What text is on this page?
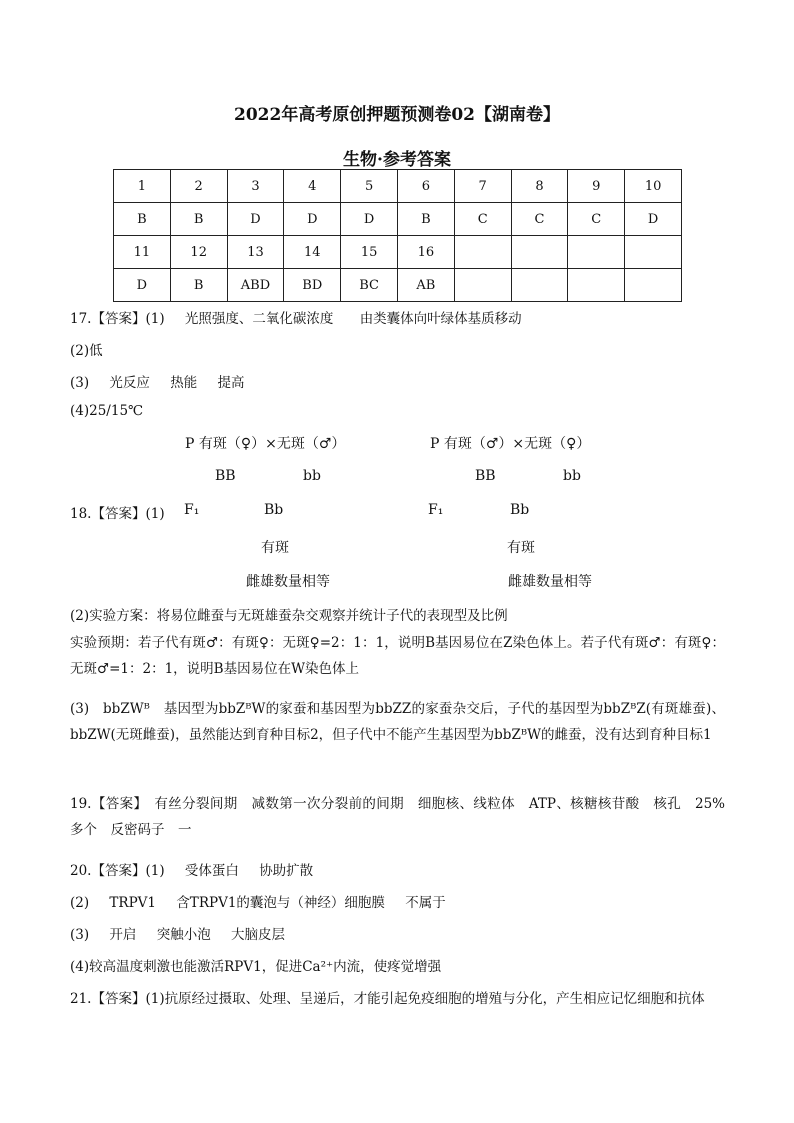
2022年高考原创押题预测卷02【湖南卷】
生物·参考答案
1	2	3	4	5	6	7	8	9	10
B	B	D	D	D	B	C	C	C	D
11	12	13	14	15	16				
D	B	ABD	BD	BC	AB				
17.【答案】(1) 光照强度、二氧化碳浓度 由类囊体向叶绿体基质移动
(2)低
(3) 光反应 热能 提高
(4)25/15℃
P 有斑（♀）×无斑（♂）	P 有斑（♂）×无斑（♀）
BB	bb	BB	bb
18.【答案】(1) F₁	Bb	F₁	Bb
有斑	有斑
雌雄数量相等	雌雄数量相等
(2)实验方案：将易位雌蚕与无斑雄蚕杂交观察并统计子代的表现型及比例
实验预期：若子代有斑♂：有斑♀：无斑♀=2：1：1，说明B基因易位在Z染色体上。若子代有斑♂：有斑♀：无斑♂=1：2：1，说明B基因易位在W染色体上
(3)　bbZWᴮ　基因型为bbZᴮW的家蚕和基因型为bbZZ的家蚕杂交后，子代的基因型为bbZᴮZ(有斑雄蚕)、bbZW(无斑雌蚕)，虽然能达到育种目标2，但子代中不能产生基因型为bbZᴮW的雌蚕，没有达到育种目标1
19.【答案】　有丝分裂间期　减数第一次分裂前的间期　细胞核、线粒体　ATP、核糖核苷酸　核孔　25%　多个　反密码子　一
20.【答案】(1) 受体蛋白 协助扩散
(2) TRPV1 含TRPV1的囊泡与（神经）细胞膜 不属于
(3) 开启 突触小泡 大脑皮层
(4)较高温度刺激也能激活RPV1，促进Ca²⁺内流，使疼觉增强
21.【答案】(1)抗原经过摄取、处理、呈递后，才能引起免疫细胞的增殖与分化，产生相应记忆细胞和抗体
